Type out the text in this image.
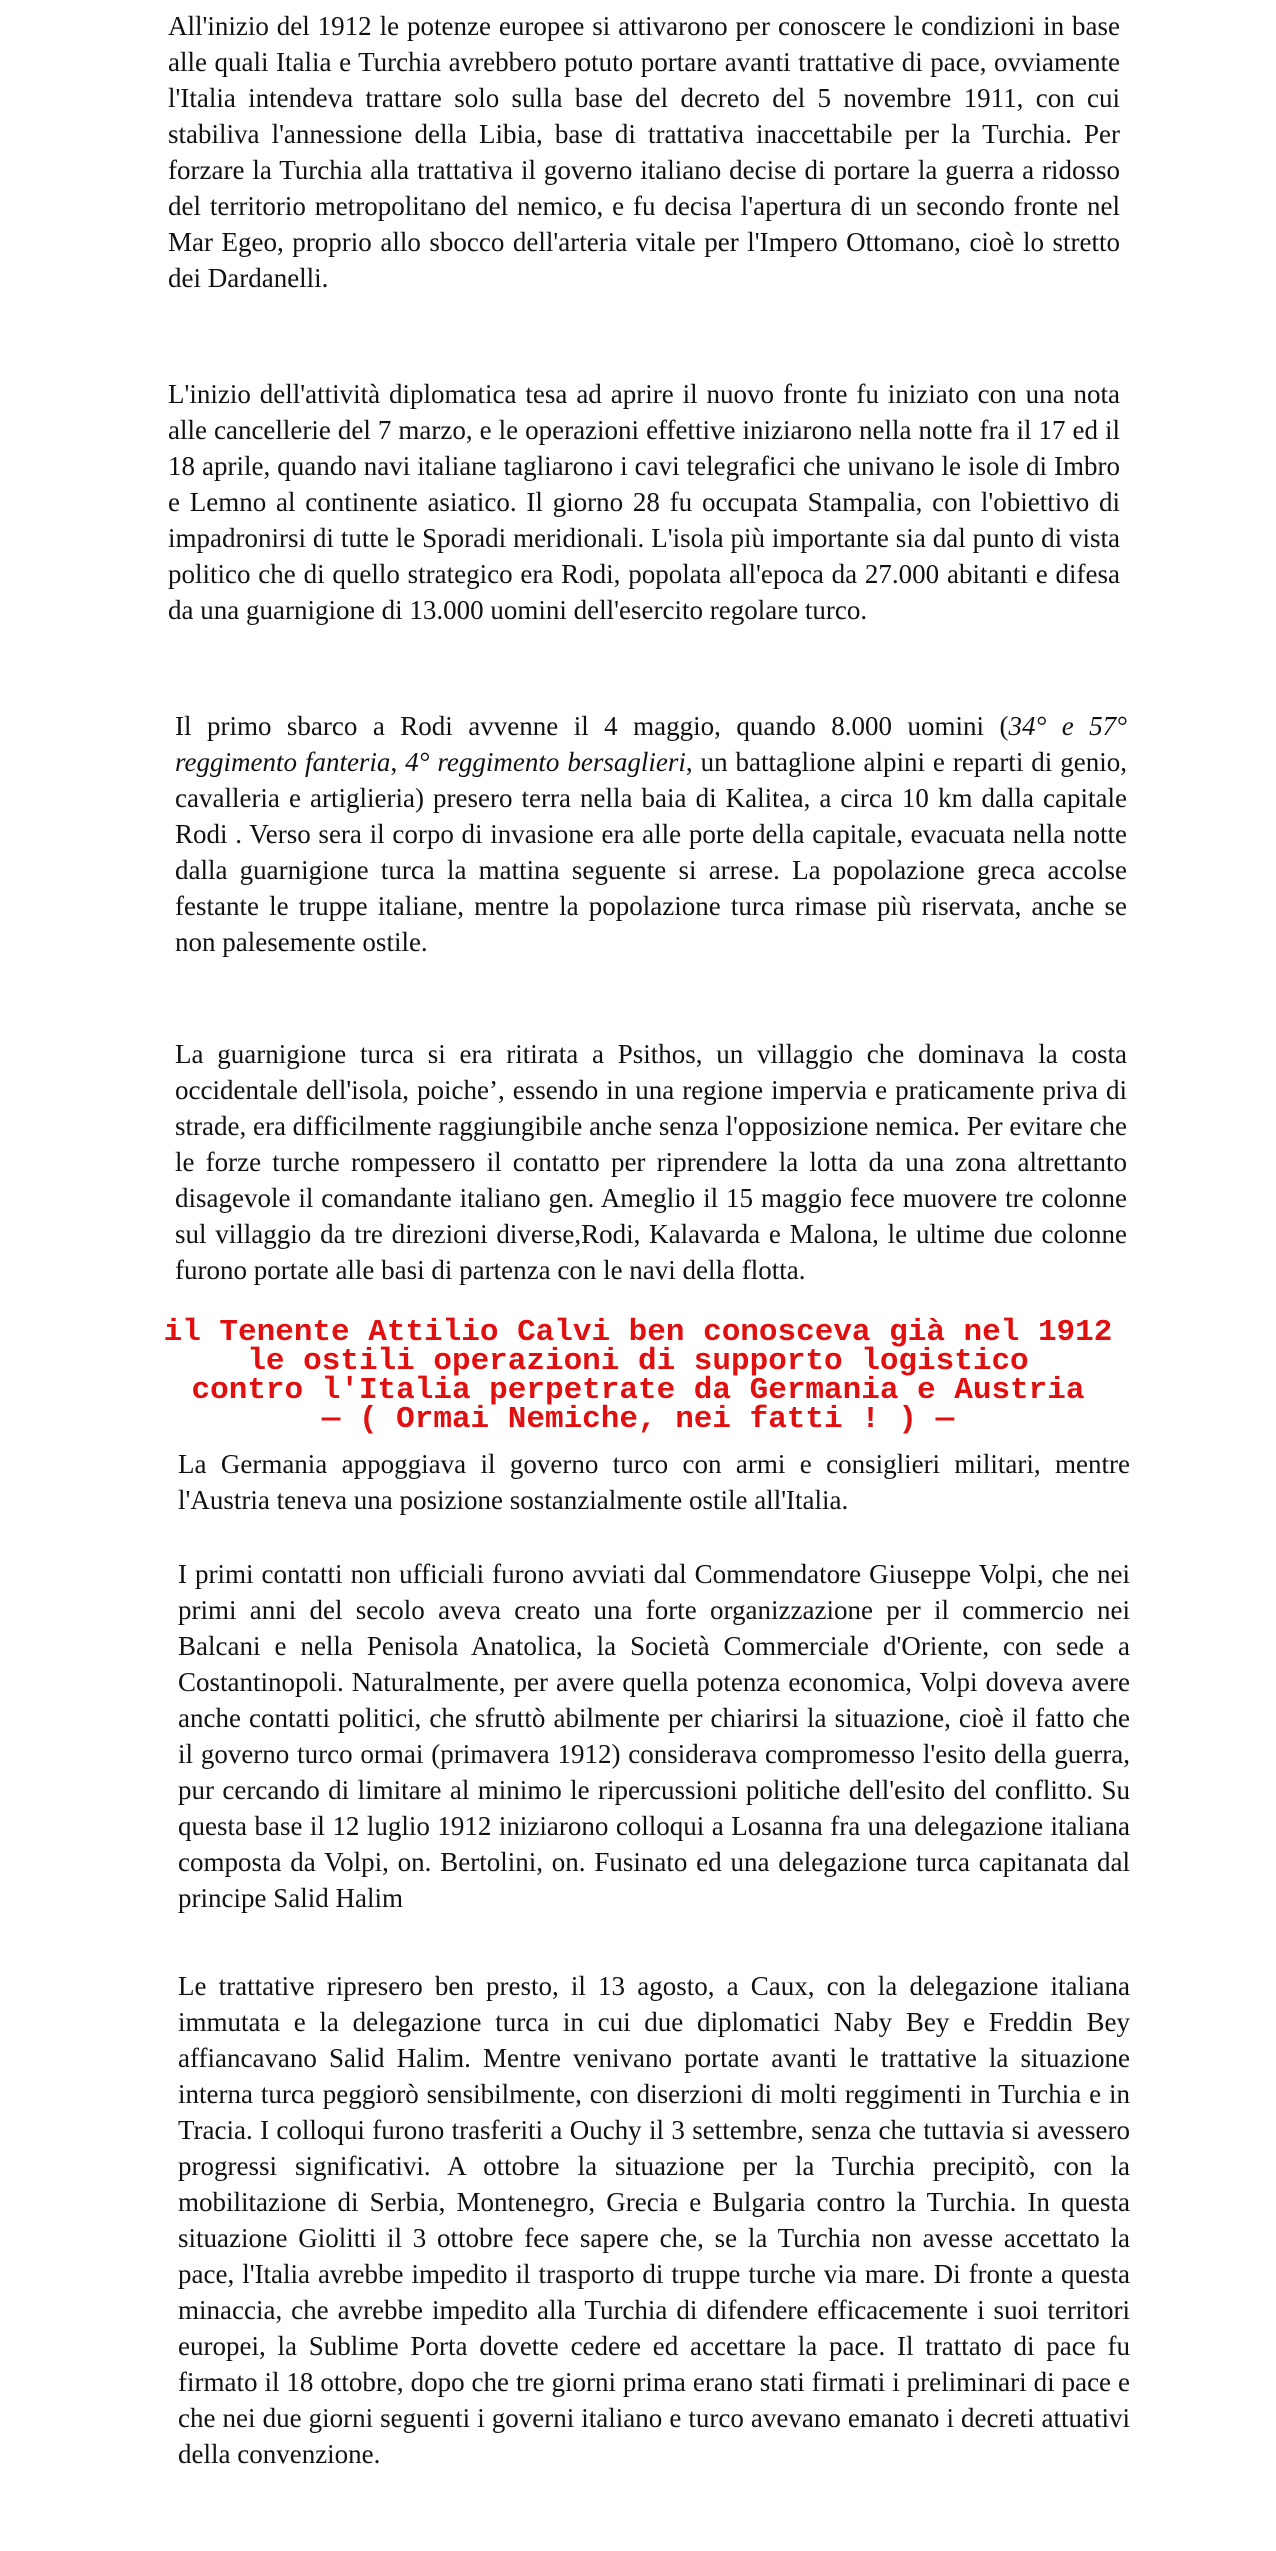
All'inizio del 1912 le potenze europee si attivarono per conoscere le condizioni in base alle quali Italia e Turchia avrebbero potuto portare avanti trattative di pace, ovviamente l'Italia intendeva trattare solo sulla base del decreto del 5 novembre 1911, con cui stabiliva l'annessione della Libia, base di trattativa inaccettabile per la Turchia. Per forzare la Turchia alla trattativa il governo italiano decise di portare la guerra a ridosso del territorio metropolitano del nemico, e fu decisa l'apertura di un secondo fronte nel Mar Egeo, proprio allo sbocco dell'arteria vitale per l'Impero Ottomano, cioè lo stretto dei Dardanelli.

L'inizio dell'attività diplomatica tesa ad aprire il nuovo fronte fu iniziato con una nota alle cancellerie del 7 marzo, e le operazioni effettive iniziarono nella notte fra il 17 ed il 18 aprile, quando navi italiane tagliarono i cavi telegrafici che univano le isole di Imbro e Lemno al continente asiatico. Il giorno 28 fu occupata Stampalia, con l'obiettivo di impadronirsi di tutte le Sporadi meridionali. L'isola più importante sia dal punto di vista politico che di quello strategico era Rodi, popolata all'epoca da 27.000 abitanti e difesa da una guarnigione di 13.000 uomini dell'esercito regolare turco.

Il primo sbarco a Rodi avvenne il 4 maggio, quando 8.000 uomini (34° e 57° reggimento fanteria, 4° reggimento bersaglieri, un battaglione alpini e reparti di genio, cavalleria e artiglieria) presero terra nella baia di Kalitea, a circa 10 km dalla capitale Rodi . Verso sera il corpo di invasione era alle porte della capitale, evacuata nella notte dalla guarnigione turca la mattina seguente si arrese. La popolazione greca accolse festante le truppe italiane, mentre la popolazione turca rimase più riservata, anche se non palesemente ostile.

La guarnigione turca si era ritirata a Psithos, un villaggio che dominava la costa occidentale dell'isola, poiche’, essendo in una regione impervia e praticamente priva di strade, era difficilmente raggiungibile anche senza l'opposizione nemica. Per evitare che le forze turche rompessero il contatto per riprendere la lotta da una zona altrettanto disagevole il comandante italiano gen. Ameglio il 15 maggio fece muovere tre colonne sul villaggio da tre direzioni diverse,Rodi, Kalavarda e Malona, le ultime due colonne furono portate alle basi di partenza con le navi della flotta.

il Tenente Attilio Calvi ben conosceva già nel 1912
le ostili operazioni di supporto logistico
contro l'Italia perpetrate da Germania e Austria
— ( Ormai Nemiche, nei fatti ! ) —

La Germania appoggiava il governo turco con armi e consiglieri militari, mentre l'Austria teneva una posizione sostanzialmente ostile all'Italia.

I primi contatti non ufficiali furono avviati dal Commendatore Giuseppe Volpi, che nei primi anni del secolo aveva creato una forte organizzazione per il commercio nei Balcani e nella Penisola Anatolica, la Società Commerciale d'Oriente, con sede a Costantinopoli. Naturalmente, per avere quella potenza economica, Volpi doveva avere anche contatti politici, che sfruttò abilmente per chiarirsi la situazione, cioè il fatto che il governo turco ormai (primavera 1912) considerava compromesso l'esito della guerra, pur cercando di limitare al minimo le ripercussioni politiche dell'esito del conflitto. Su questa base il 12 luglio 1912 iniziarono colloqui a Losanna fra una delegazione italiana composta da Volpi, on. Bertolini, on. Fusinato ed una delegazione turca capitanata dal principe Salid Halim

Le trattative ripresero ben presto, il 13 agosto, a Caux, con la delegazione italiana immutata e la delegazione turca in cui due diplomatici Naby Bey e Freddin Bey affiancavano Salid Halim. Mentre venivano portate avanti le trattative la situazione interna turca peggiorò sensibilmente, con diserzioni di molti reggimenti in Turchia e in Tracia. I colloqui furono trasferiti a Ouchy il 3 settembre, senza che tuttavia si avessero progressi significativi. A ottobre la situazione per la Turchia precipitò, con la mobilitazione di Serbia, Montenegro, Grecia e Bulgaria contro la Turchia. In questa situazione Giolitti il 3 ottobre fece sapere che, se la Turchia non avesse accettato la pace, l'Italia avrebbe impedito il trasporto di truppe turche via mare. Di fronte a questa minaccia, che avrebbe impedito alla Turchia di difendere efficacemente i suoi territori europei, la Sublime Porta dovette cedere ed accettare la pace. Il trattato di pace fu firmato il 18 ottobre, dopo che tre giorni prima erano stati firmati i preliminari di pace e che nei due giorni seguenti i governi italiano e turco avevano emanato i decreti attuativi della convenzione.
